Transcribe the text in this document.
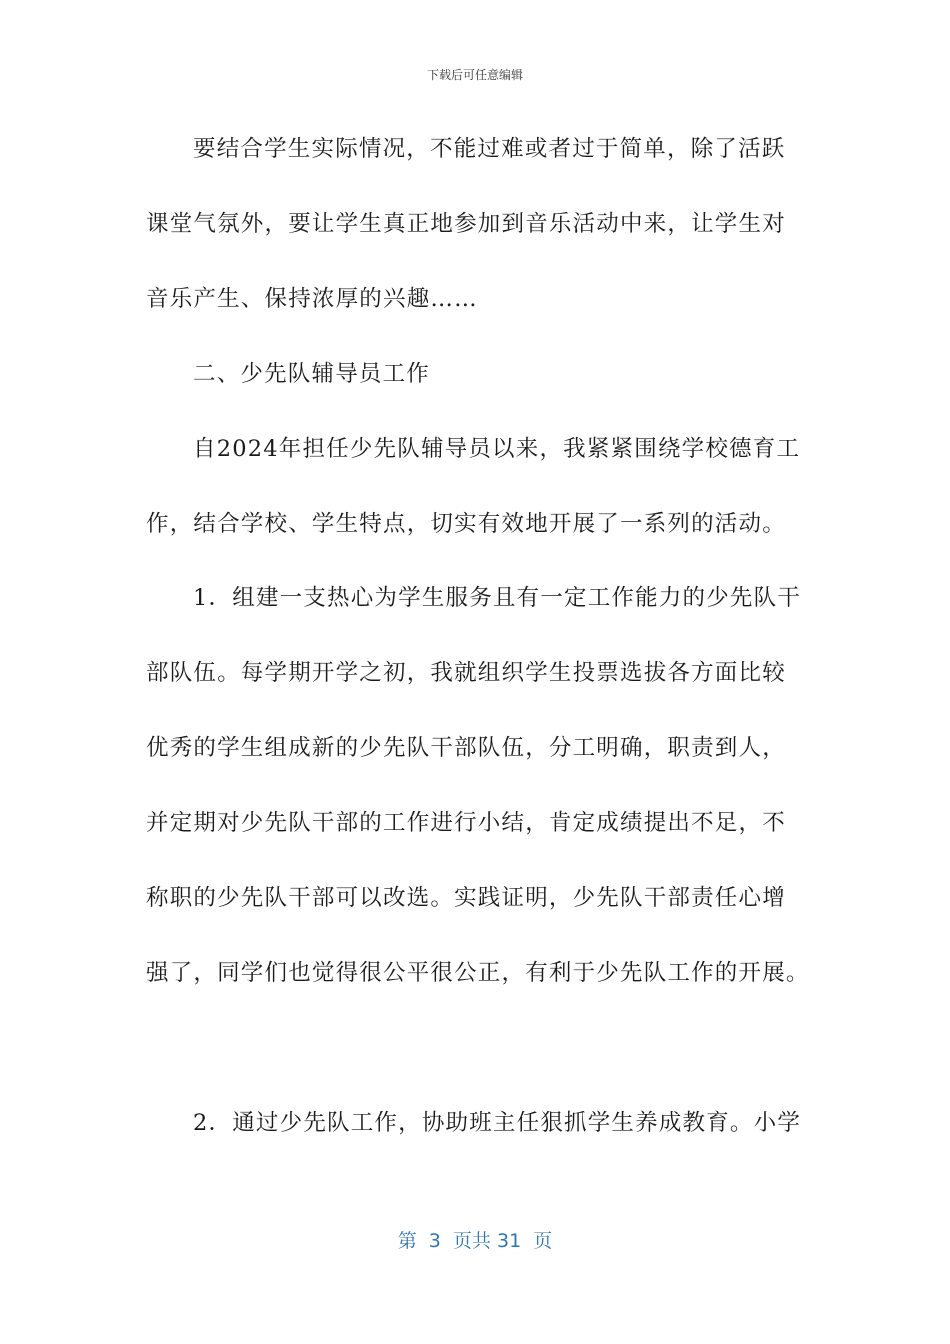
下载后可任意编辑
要结合学生实际情况，不能过难或者过于简单，除了活跃
课堂气氛外，要让学生真正地参加到音乐活动中来，让学生对
音乐产生、保持浓厚的兴趣……
二、少先队辅导员工作
自2024年担任少先队辅导员以来，我紧紧围绕学校德育工
作，结合学校、学生特点，切实有效地开展了一系列的活动。
1．组建一支热心为学生服务且有一定工作能力的少先队干
部队伍。每学期开学之初，我就组织学生投票选拔各方面比较
优秀的学生组成新的少先队干部队伍，分工明确，职责到人，
并定期对少先队干部的工作进行小结，肯定成绩提出不足，不
称职的少先队干部可以改选。实践证明，少先队干部责任心增
强了，同学们也觉得很公平很公正，有利于少先队工作的开展。
2．通过少先队工作，协助班主任狠抓学生养成教育。小学
第  3  页共 31  页
